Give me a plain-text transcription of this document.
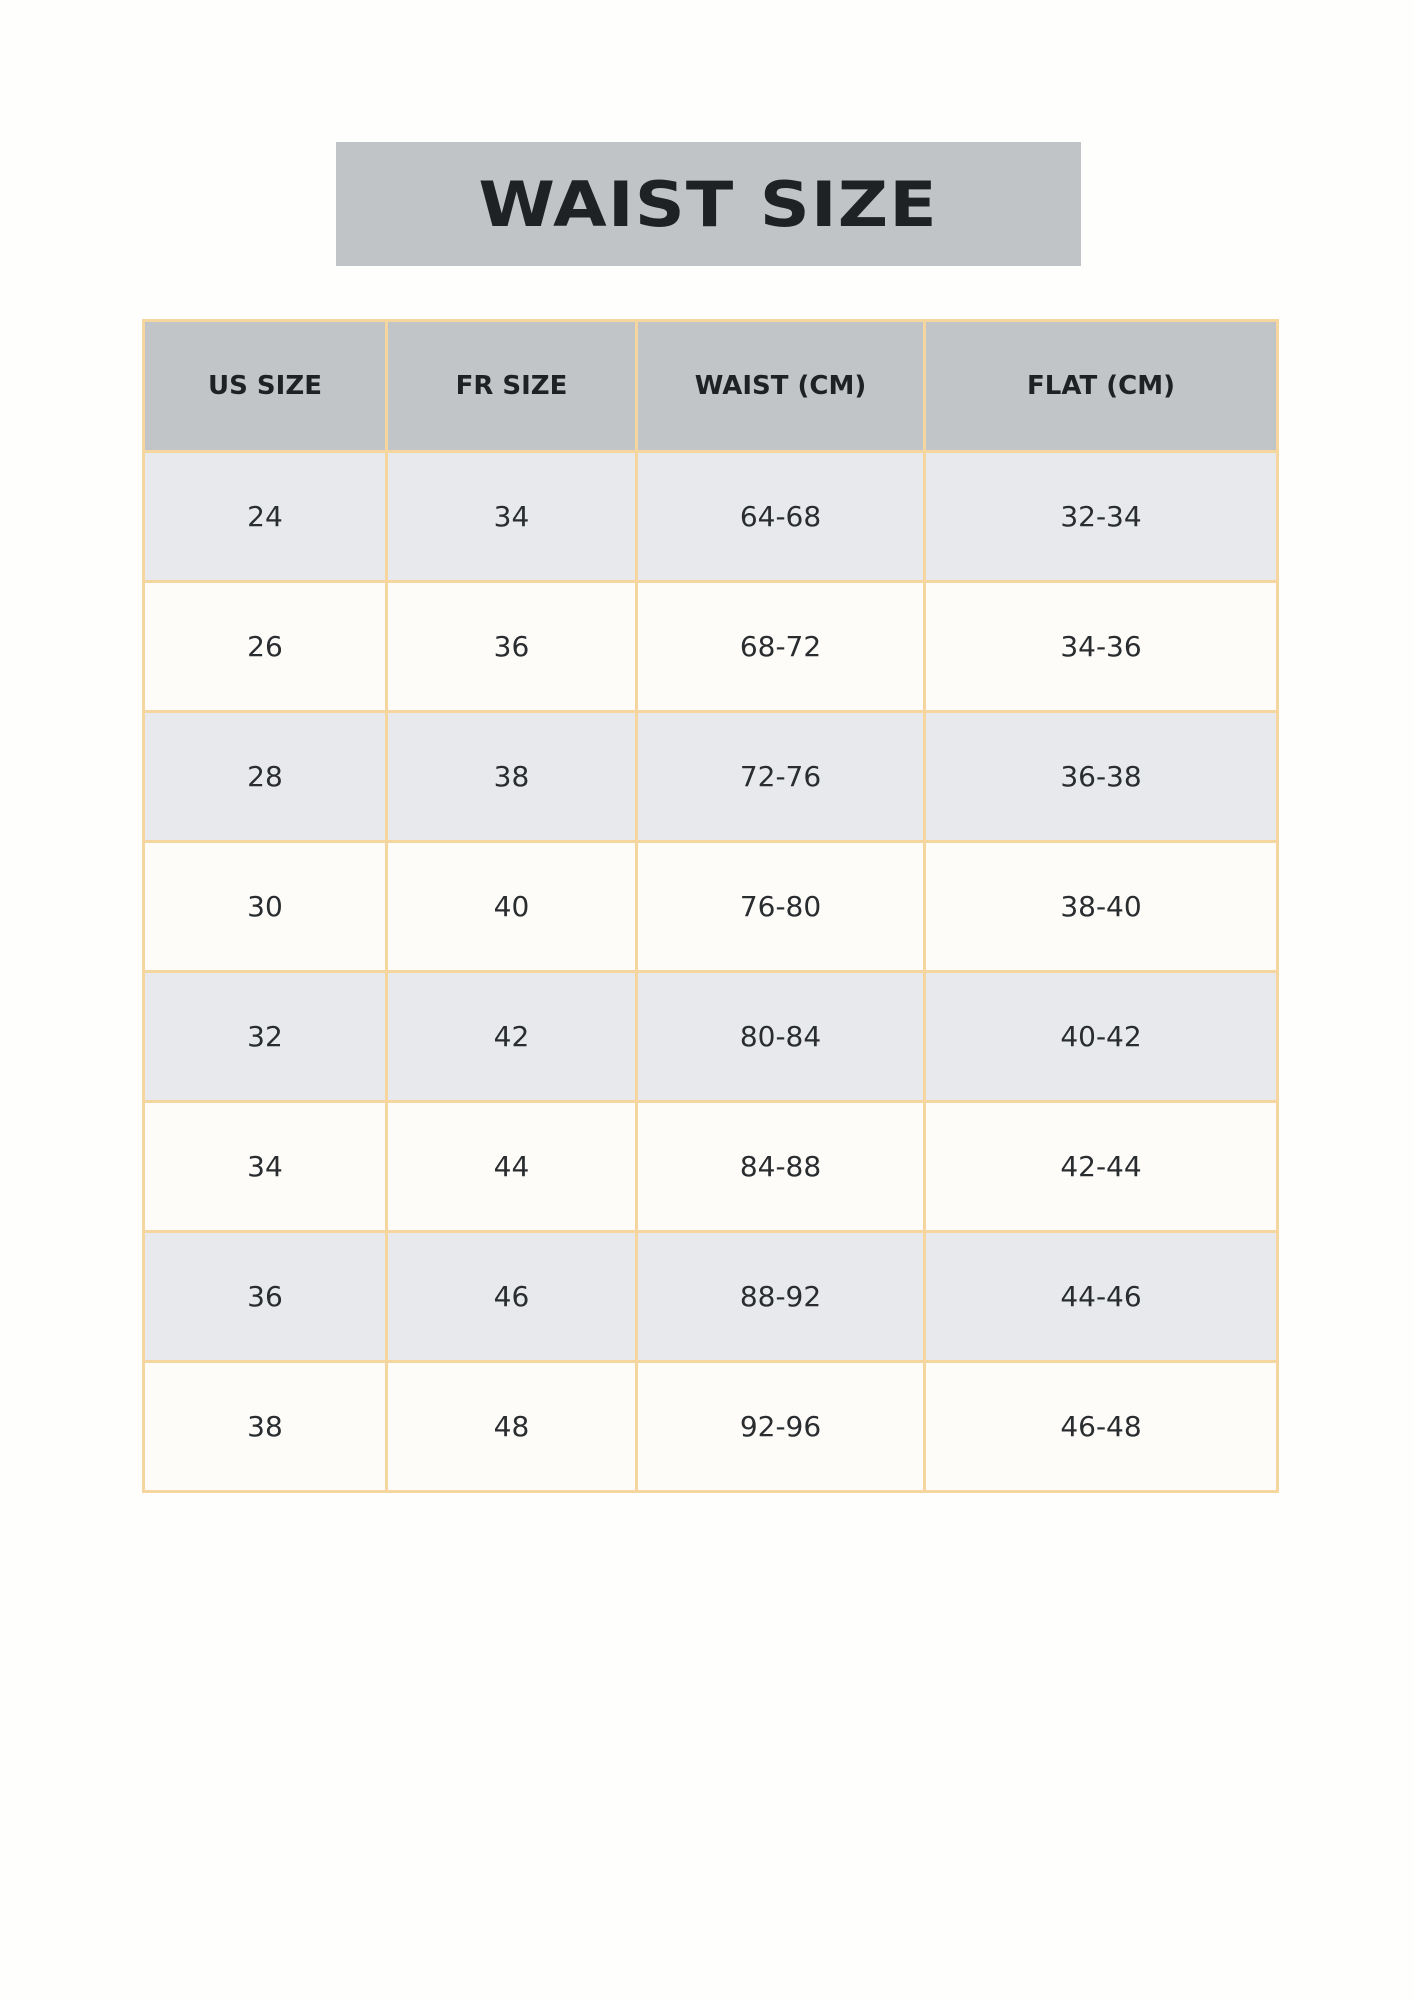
WAIST SIZE
US SIZE	FR SIZE	WAIST (CM)	FLAT (CM)
24	34	64-68	32-34
26	36	68-72	34-36
28	38	72-76	36-38
30	40	76-80	38-40
32	42	80-84	40-42
34	44	84-88	42-44
36	46	88-92	44-46
38	48	92-96	46-48
